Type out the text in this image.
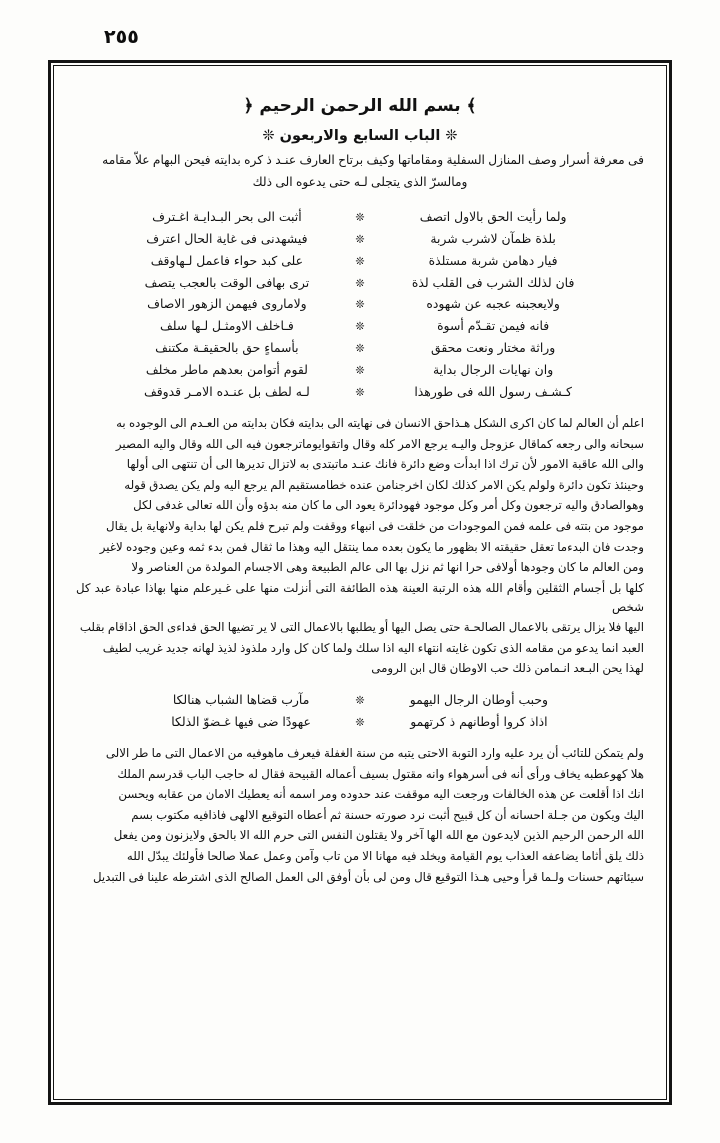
٢٥٥
﴾ بسم الله الرحمن الرحيم ﴿
❊ الباب السابع والاربعون ❊
فى معرفة أسرار وصف المنازل السفلية ومقاماتها وكيف برتاح العارف عنـد ذ كره بدايته فيحن البهام علاّ مقامه
ومالسرّ الذى يتجلى لـه حتى يدعوه الى ذلك
ولما رأيت الحق بالاول اتصف
❊
أثبت الى بحر البـدايـة اغـترف
بلذة ظمآن لاشرب شربة
❊
فيشهدنى فى غاية الحال اعترف
فيار دهامن شربة مستلذة
❊
على كبد حواء فاعمل لـهاوقف
فان لذلك الشرب فى القلب لذة
❊
ترى بهافى الوقت بالعجب يتصف
ولايعجبنه عجبه عن شهوده
❊
ولاماروى فيهمن الزهور الاصاف
فانه فيمن تقـدّم أسوة
❊
فـاخلف الاومثـل لـها سلف
وراثة مختار ونعت محقق
❊
بأسماءٍ حق بالحقيقـة مكتنف
وان نهايات الرجال بداية
❊
لقوم أتوامن بعدهم ماطر مخلف
كـشـف رسول الله فى طورهذا
❊
لـه لطف بل عنـده الامـر قدوقف
اعلم أن العالم لما كان اكرى الشكل هـذاحق الانسان فى نهايته الى بدايته فكان بدايته من العـدم الى الوجوده به
سبحانه والى رجعه كماقال عزوجل واليـه يرجع الامر كله وقال واتقوايوماترجعون فيه الى الله وقال واليه المصير
والى الله عاقبة الامور لأن ترك اذا ابدأت وضع دائرة فانك عنـد ماتبتدى به لاتزال تديرها الى أن تنتهى الى أولها
وحينئذ تكون دائرة ولولم يكن الامر كذلك لكان اخرجنامن عنده خطامستقيم الم يرجع اليه ولم يكن يصدق قوله
وهوالصادق واليه ترجعون وكل أمر وكل موجود فهودائرة يعود الى ما كان منه بدؤه وأن الله تعالى غدفى لكل
موجود من بتته فى علمه فمن الموجودات من خلقت فى انبهاء ووقفت ولم تبرح فلم يكن لها بداية ولانهاية بل يقال
وجدت فان البدءما تعقل حقيقته الا بظهور ما يكون بعده مما ينتقل اليه وهذا ما ثقال فمن بدء ثمه وعين وجوده لاغير
ومن العالم ما كان وجودها أولافى حرا انها ثم نزل بها الى عالم الطبيعة وهى الاجسام المولدة من العناصر ولا
كلها بل أجسام الثقلين وأقام الله هذه الرتبة العينة هذه الطائفة التى أنزلت منها على غـيرعلم منها بهاذا عبادة عبد كل شخص
اليها فلا يزال يرتقى بالاعمال الصالحـة حتى يصل اليها أو يطلبها بالاعمال التى لا ير تضيها الحق فداءى الحق اذاقام بقلب
العبد انما يدعو من مقامه الذى تكون غايته انتهاء اليه اذا سلك ولما كان كل وارد ملذوذ لذيذ لهانه جديد غريب لطيف
لهذا يحن البـعد انـمامن ذلك حب الاوطان قال ابن الرومى
وحبب أوطان الرجال اليهمو
❊
مآرب قضاها الشباب هنالكا
اذاذ كروا أوطانهم ذ كرتهمو
❊
عهودًا ضى فيها غـضوّ الذلكا
ولم يتمكن للتائب أن يرد عليه وارد التوبة الاحتى يتبه من سنة الغفلة فيعرف ماهوفيه من الاعمال التى ما طر الالى
هلا كهوعطبه يخاف ورأى أنه فى أسرهواء وانه مقتول بسيف أعماله القبيحة فقال له حاجب الباب قدرسم الملك
انك اذا أقلعت عن هذه الخالفات ورجعت اليه موقفت عند حدوده ومر اسمه أنه يعطيك الامان من عقابه ويحسن
اليك ويكون من جـلة احسانه أن كل قبيح أثبت نرد صورته حسنة ثم أعطاه التوقيع الالهى فاذافيه مكتوب بسم
الله الرحمن الرحيم الذين لايدعون مع الله الها آخر ولا يقتلون النفس التى حرم الله الا بالحق ولايزنون ومن يفعل
ذلك يلق أثاما يضاعفه العذاب يوم القيامة ويخلد فيه مهانا الا من تاب وآمن وعمل عملا صالحا فأولئك يبدّل الله
سيئاتهم حسنات ولـما قرأ وحيى هـذا التوقيع قال ومن لى بأن أوفق الى العمل الصالح الذى اشترطه علينا فى التبديل
